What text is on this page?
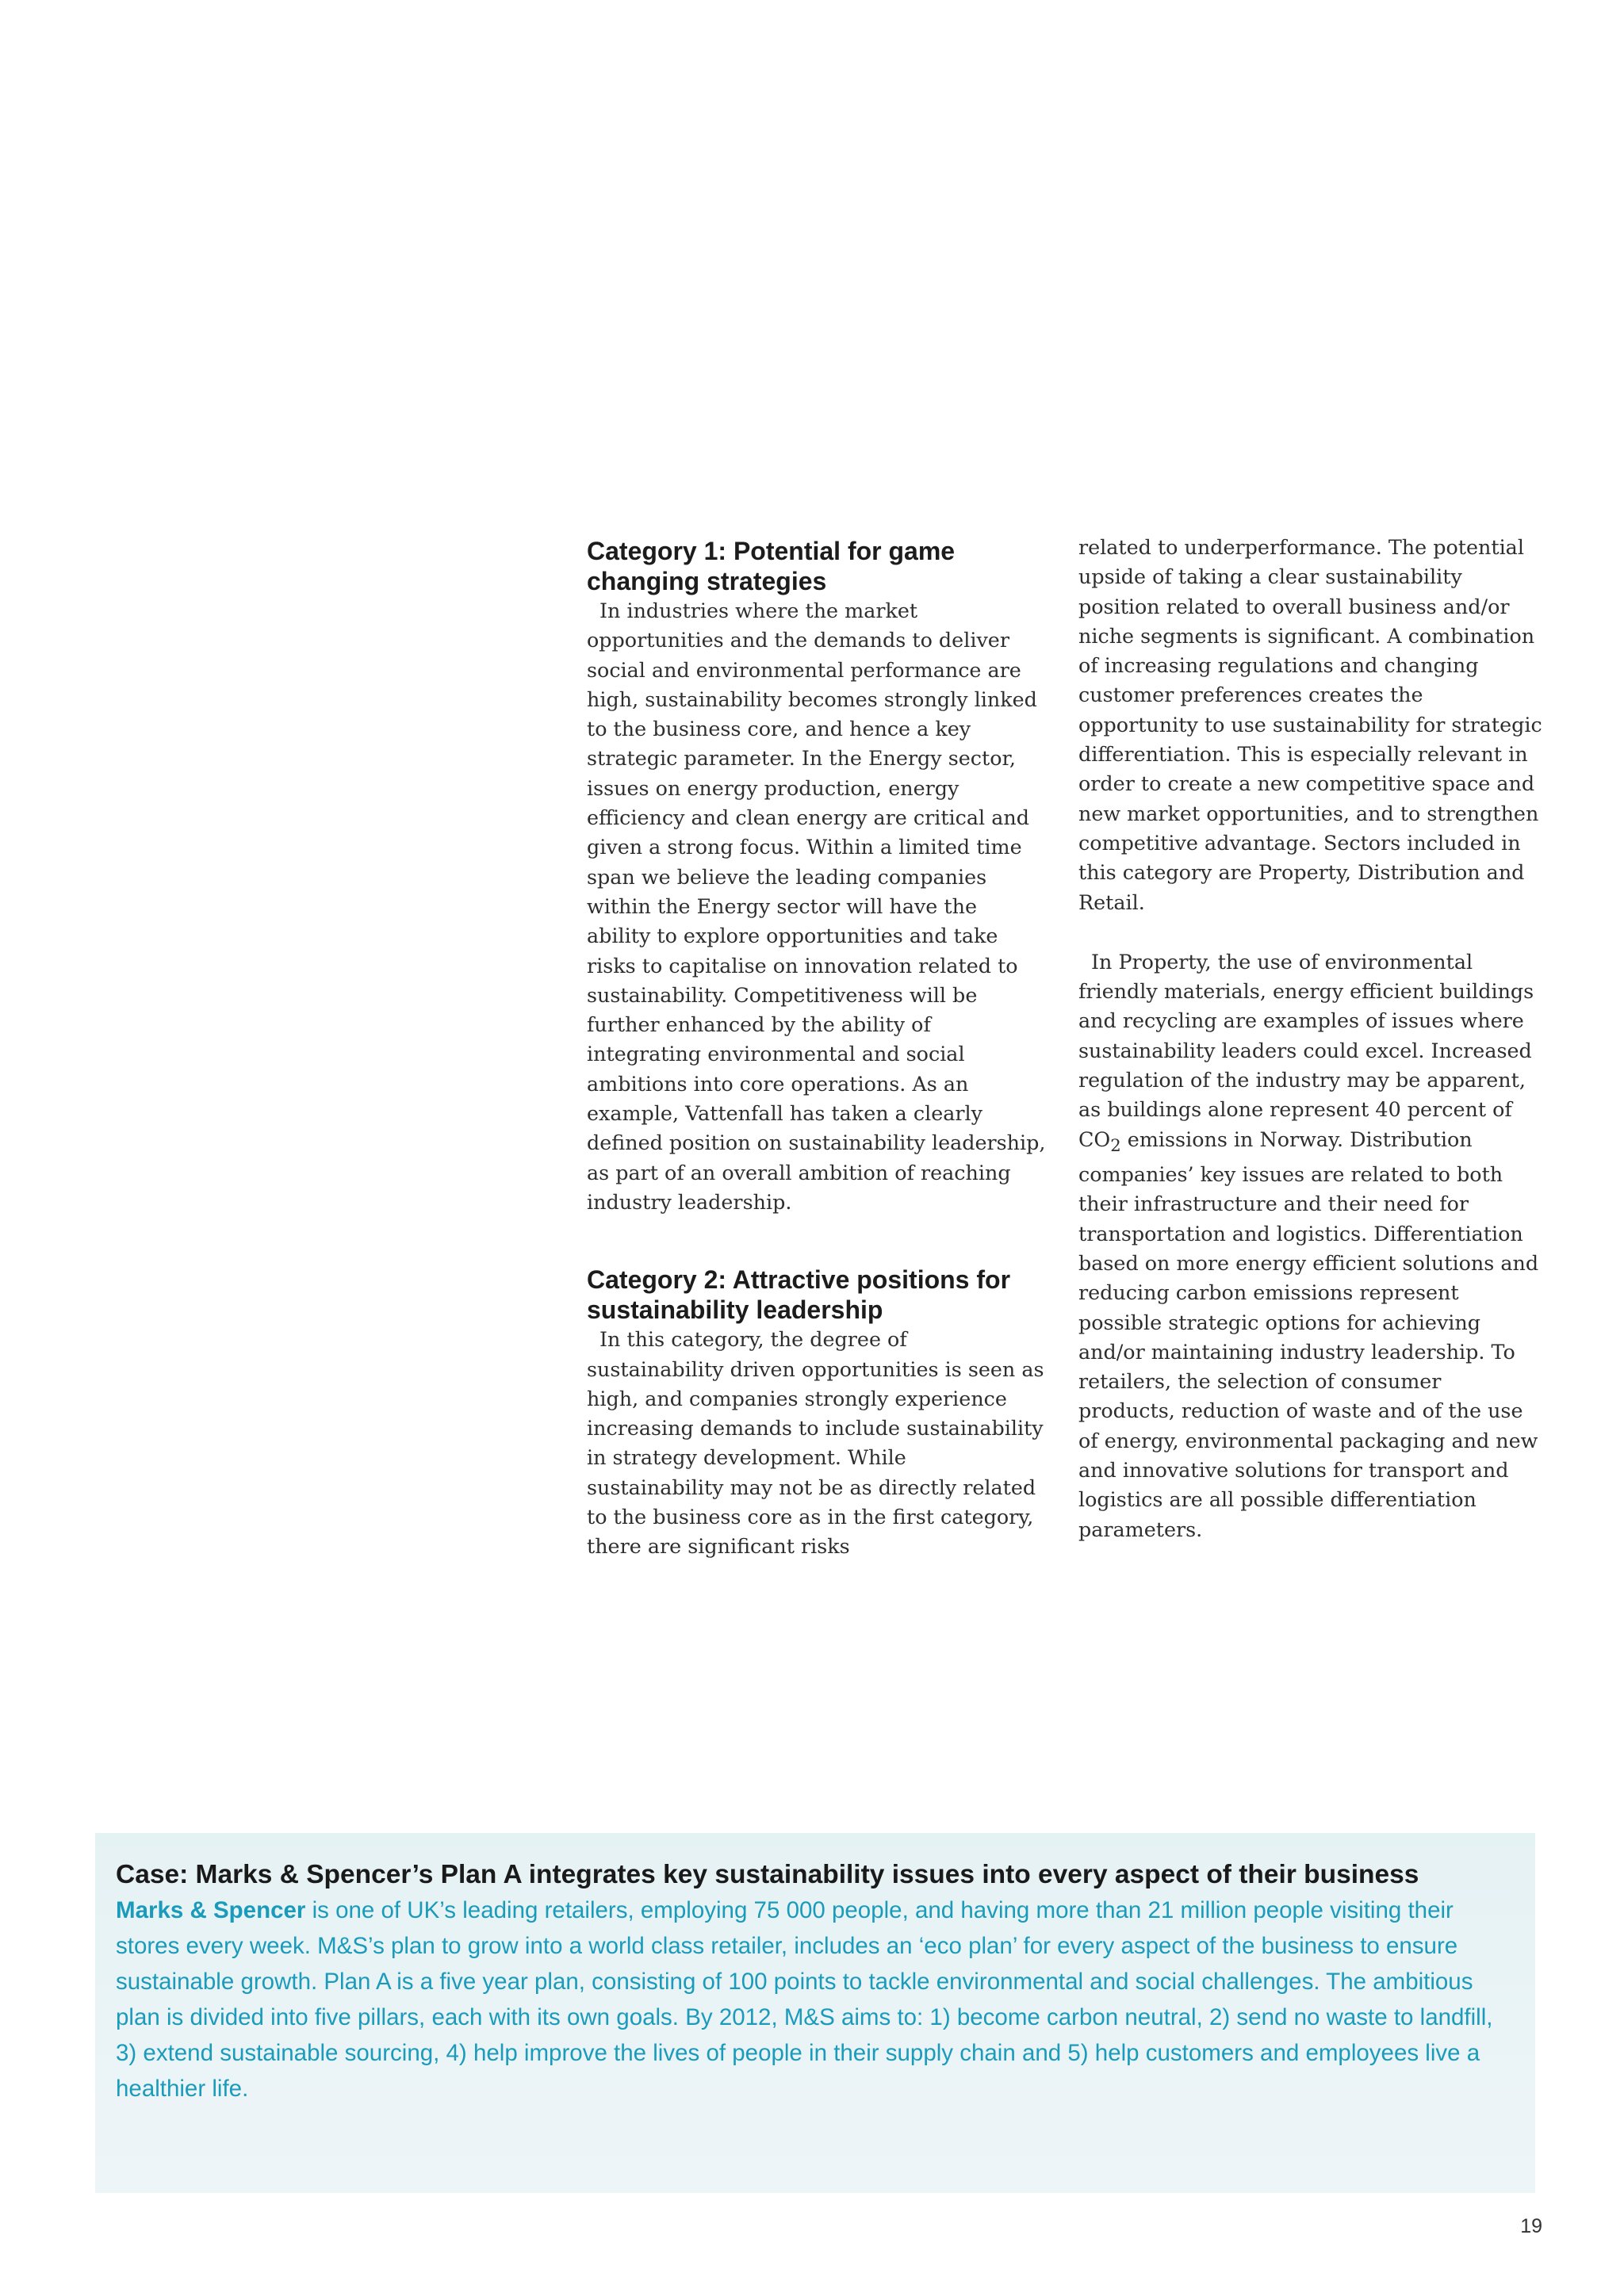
Category 1: Potential for game changing strategies

In industries where the market opportunities and the demands to deliver social and environmental performance are high, sustainability becomes strongly linked to the business core, and hence a key strategic parameter. In the Energy sector, issues on energy production, energy efficiency and clean energy are critical and given a strong focus. Within a limited time span we believe the leading companies within the Energy sector will have the ability to explore opportunities and take risks to capitalise on innovation related to sustainability. Competitiveness will be further enhanced by the ability of integrating environmental and social ambitions into core operations. As an example, Vattenfall has taken a clearly defined position on sustainability leadership, as part of an overall ambition of reaching industry leadership.

Category 2: Attractive positions for sustainability leadership

In this category, the degree of sustainability driven opportunities is seen as high, and companies strongly experience increasing demands to include sustainability in strategy development. While sustainability may not be as directly related to the business core as in the first category, there are significant risks

related to underperformance. The potential upside of taking a clear sustainability position related to overall business and/or niche segments is significant. A combination of increasing regulations and changing customer preferences creates the opportunity to use sustainability for strategic differentiation. This is especially relevant in order to create a new competitive space and new market opportunities, and to strengthen competitive advantage. Sectors included in this category are Property, Distribution and Retail.

In Property, the use of environmental friendly materials, energy efficient buildings and recycling are examples of issues where sustainability leaders could excel. Increased regulation of the industry may be apparent, as buildings alone represent 40 percent of $CO_2$ emissions in Norway. Distribution companies’ key issues are related to both their infrastructure and their need for transportation and logistics. Differentiation based on more energy efficient solutions and reducing carbon emissions represent possible strategic options for achieving and/or maintaining industry leadership. To retailers, the selection of consumer products, reduction of waste and of the use of energy, environmental packaging and new and innovative solutions for transport and logistics are all possible differentiation parameters.

Case: Marks & Spencer’s Plan A integrates key sustainability issues into every aspect of their business

Marks & Spencer is one of UK’s leading retailers, employing 75 000 people, and having more than 21 million people visiting their stores every week. M&S’s plan to grow into a world class retailer, includes an ‘eco plan’ for every aspect of the business to ensure sustainable growth. Plan A is a five year plan, consisting of 100 points to tackle environmental and social challenges. The ambitious plan is divided into five pillars, each with its own goals. By 2012, M&S aims to: 1) become carbon neutral, 2) send no waste to landfill, 3) extend sustainable sourcing, 4) help improve the lives of people in their supply chain and 5) help customers and employees live a healthier life.

19
